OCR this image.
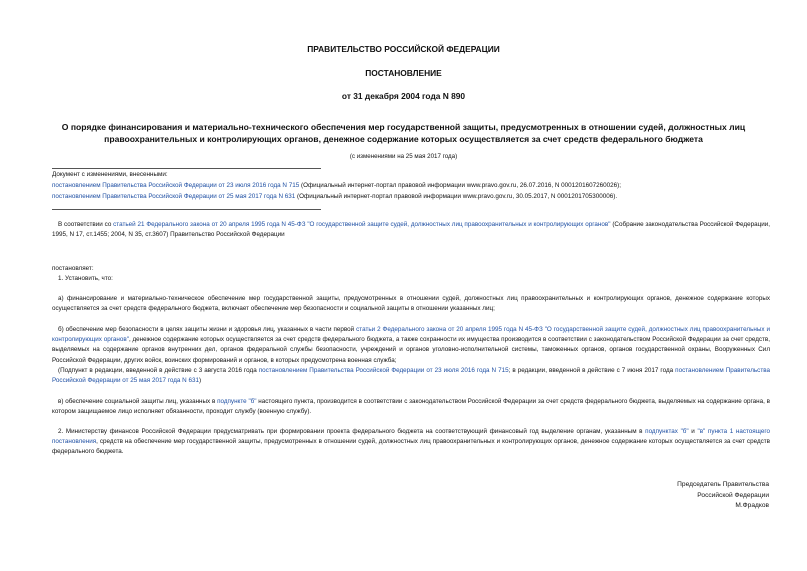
ПРАВИТЕЛЬСТВО РОССИЙСКОЙ ФЕДЕРАЦИИ
ПОСТАНОВЛЕНИЕ
от 31 декабря 2004 года N 890
О порядке финансирования и материально-технического обеспечения мер государственной защиты, предусмотренных в отношении судей, должностных лиц
правоохранительных и контролирующих органов, денежное содержание которых осуществляется за счет средств федерального бюджета
(с изменениями на 25 мая 2017 года)
Документ с изменениями, внесенными:
постановлением Правительства Российской Федерации от 23 июля 2016 года N 715 (Официальный интернет-портал правовой информации www.pravo.gov.ru, 26.07.2016, N 0001201607260026);
постановлением Правительства Российской Федерации от 25 мая 2017 года N 631 (Официальный интернет-портал правовой информации www.pravo.gov.ru, 30.05.2017, N 0001201705300006).
В соответствии со статьей 21 Федерального закона от 20 апреля 1995 года N 45-ФЗ "О государственной защите судей, должностных лиц правоохранительных и контролирующих органов" (Собрание законодательства Российской Федерации, 1995, N 17, ст.1455; 2004, N 35, ст.3607) Правительство Российской Федерации
постановляет:
1. Установить, что:
а) финансирование и материально-техническое обеспечение мер государственной защиты, предусмотренных в отношении судей, должностных лиц правоохранительных и контролирующих органов, денежное содержание которых осуществляется за счет средств федерального бюджета, включает обеспечение мер безопасности и социальной защиты в отношении указанных лиц;
б) обеспечение мер безопасности в целях защиты жизни и здоровья лиц, указанных в части первой статьи 2 Федерального закона от 20 апреля 1995 года N 45-ФЗ "О государственной защите судей, должностных лиц правоохранительных и контролирующих органов", денежное содержание которых осуществляется за счет средств федерального бюджета, а также сохранности их имущества производится в соответствии с законодательством Российской Федерации за счет средств, выделяемых на содержание органов внутренних дел, органов федеральной службы безопасности, учреждений и органов уголовно-исполнительной системы, таможенных органов, органов государственной охраны, Вооруженных Сил Российской Федерации, других войск, воинских формирований и органов, в которых предусмотрена военная служба;
(Подпункт в редакции, введенной в действие с 3 августа 2016 года постановлением Правительства Российской Федерации от 23 июля 2016 года N 715; в редакции, введенной в действие с 7 июня 2017 года постановлением Правительства Российской Федерации от 25 мая 2017 года N 631)
в) обеспечение социальной защиты лиц, указанных в подпункте "б" настоящего пункта, производится в соответствии с законодательством Российской Федерации за счет средств федерального бюджета, выделяемых на содержание органа, в котором защищаемое лицо исполняет обязанности, проходит службу (военную службу).
2. Министерству финансов Российской Федерации предусматривать при формировании проекта федерального бюджета на соответствующий финансовый год выделение органам, указанным в подпунктах "б" и "в" пункта 1 настоящего постановления, средств на обеспечение мер государственной защиты, предусмотренных в отношении судей, должностных лиц правоохранительных и контролирующих органов, денежное содержание которых осуществляется за счет средств федерального бюджета.
Председатель Правительства
Российской Федерации
М.Фрадков
